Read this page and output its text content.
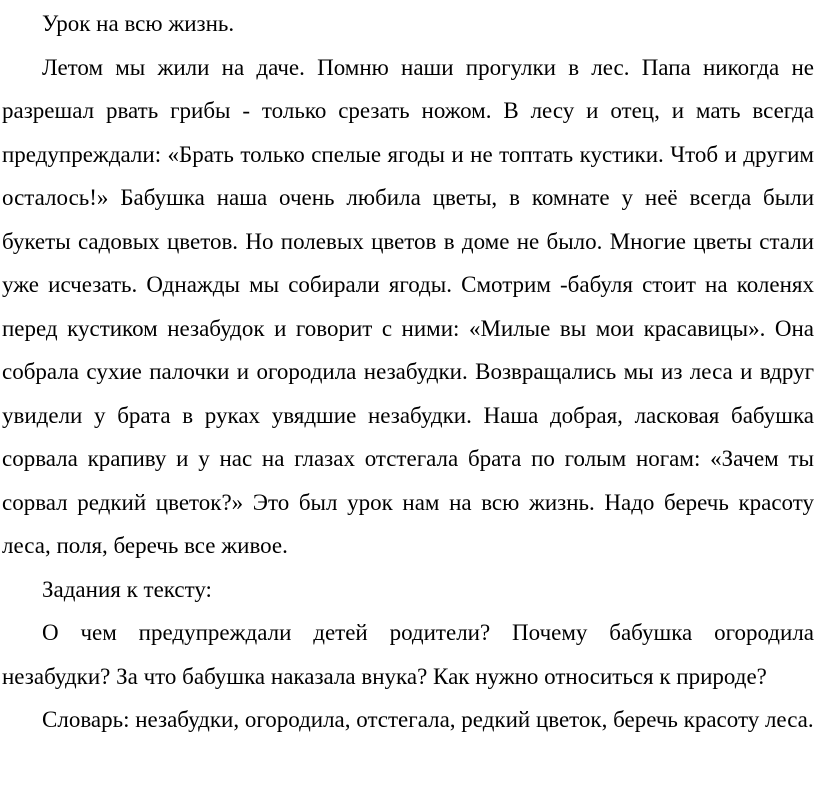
Урок на всю жизнь.

Летом мы жили на даче. Помню наши прогулки в лес. Папа никогда не разрешал рвать грибы - только срезать ножом. В лесу и отец, и мать всегда предупреждали: «Брать только спелые ягоды и не топтать кустики. Чтоб и другим осталось!» Бабушка наша очень любила цветы, в комнате у неё всегда были букеты садовых цветов. Но полевых цветов в доме не было. Многие цветы стали уже исчезать. Однажды мы собирали ягоды. Смотрим -бабуля стоит на коленях перед кустиком незабудок и говорит с ними: «Милые вы мои красавицы». Она собрала сухие палочки и огородила незабудки. Возвращались мы из леса и вдруг увидели у брата в руках увядшие незабудки. Наша добрая, ласковая бабушка сорвала крапиву и у нас на глазах отстегала брата по голым ногам: «Зачем ты сорвал редкий цветок?» Это был урок нам на всю жизнь. Надо беречь красоту леса, поля, беречь все живое.

Задания к тексту:

О чем предупреждали детей родители? Почему бабушка огородила незабудки? За что бабушка наказала внука? Как нужно относиться к природе?

Словарь: незабудки, огородила, отстегала, редкий цветок, беречь красоту леса.
